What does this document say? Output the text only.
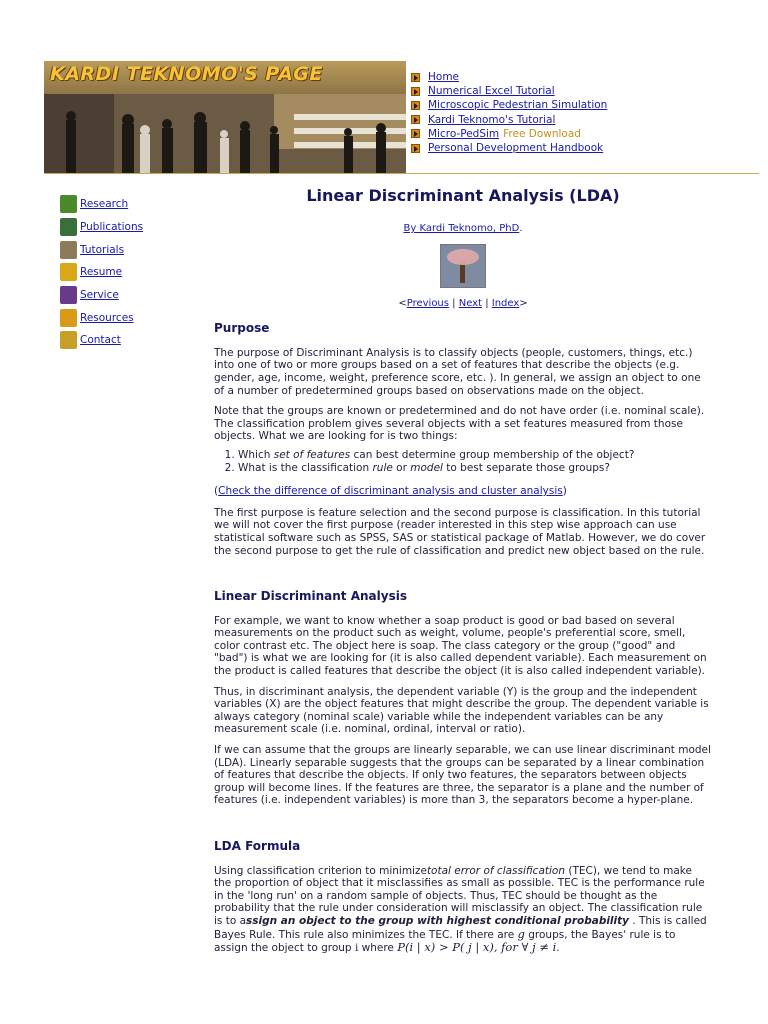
KARDI TEKNOMO'S PAGE	Home
Numerical Excel Tutorial
Microscopic Pedestrian Simulation
Kardi Teknomo's Tutorial
Micro-PedSim Free Download
Personal Development Handbook
Research
Publications
Tutorials
Resume
Service
Resources
Contact
Linear Discriminant Analysis (LDA)
By Kardi Teknomo, PhD.
<Previous | Next | Index>
Purpose

The purpose of Discriminant Analysis is to classify objects (people, customers, things, etc.) into one of two or more groups based on a set of features that describe the objects (e.g. gender, age, income, weight, preference score, etc. ). In general, we assign an object to one of a number of predetermined groups based on observations made on the object.

Note that the groups are known or predetermined and do not have order (i.e. nominal scale). The classification problem gives several objects with a set features measured from those objects. What we are looking for is two things:

1. Which set of features can best determine group membership of the object?
2. What is the classification rule or model to best separate those groups?

(Check the difference of discriminant analysis and cluster analysis)

The first purpose is feature selection and the second purpose is classification. In this tutorial we will not cover the first purpose (reader interested in this step wise approach can use statistical software such as SPSS, SAS or statistical package of Matlab. However, we do cover the second purpose to get the rule of classification and predict new object based on the rule.

Linear Discriminant Analysis

For example, we want to know whether a soap product is good or bad based on several measurements on the product such as weight, volume, people's preferential score, smell, color contrast etc. The object here is soap. The class category or the group ("good" and "bad") is what we are looking for (it is also called dependent variable). Each measurement on the product is called features that describe the object (it is also called independent variable).

Thus, in discriminant analysis, the dependent variable (Y) is the group and the independent variables (X) are the object features that might describe the group. The dependent variable is always category (nominal scale) variable while the independent variables can be any measurement scale (i.e. nominal, ordinal, interval or ratio).

If we can assume that the groups are linearly separable, we can use linear discriminant model (LDA). Linearly separable suggests that the groups can be separated by a linear combination of features that describe the objects. If only two features, the separators between objects group will become lines. If the features are three, the separator is a plane and the number of features (i.e. independent variables) is more than 3, the separators become a hyper-plane.

LDA Formula

Using classification criterion to minimizetotal error of classification (TEC), we tend to make the proportion of object that it misclassifies as small as possible. TEC is the performance rule in the 'long run' on a random sample of objects. Thus, TEC should be thought as the probability that the rule under consideration will misclassify an object. The classification rule is to assign an object to the group with highest conditional probability . This is called Bayes Rule. This rule also minimizes the TEC. If there are g groups, the Bayes' rule is to assign the object to group i where P(i | x) > P( j | x), for ∀ j ≠ i.
